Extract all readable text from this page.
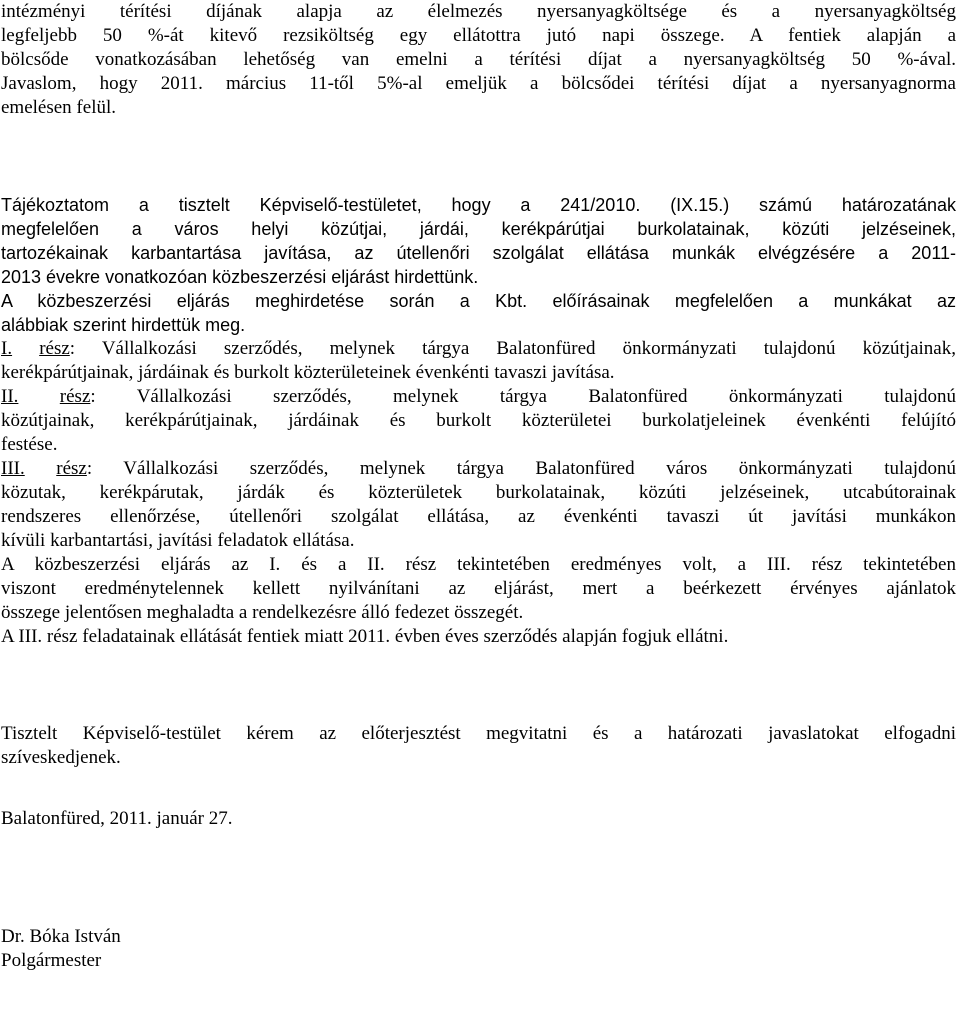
intézményi térítési díjának alapja az élelmezés nyersanyagköltsége és a nyersanyagköltség

legfeljebb 50 %-át kitevő rezsiköltség egy ellátottra jutó napi összege. A fentiek alapján a

bölcsőde vonatkozásában lehetőség van emelni a térítési díjat a nyersanyagköltség 50 %-ával.

Javaslom, hogy 2011. március 11-től 5%-al emeljük a bölcsődei térítési díjat a nyersanyagnorma

emelésen felül.

Tájékoztatom a tisztelt Képviselő-testületet, hogy a 241/2010. (IX.15.) számú határozatának

megfelelően a város helyi közútjai, járdái, kerékpárútjai burkolatainak, közúti jelzéseinek,

tartozékainak karbantartása javítása, az útellenőri szolgálat ellátása munkák elvégzésére a 2011-

2013 évekre vonatkozóan közbeszerzési eljárást hirdettünk.

A közbeszerzési eljárás meghirdetése során a Kbt. előírásainak megfelelően a munkákat az

alábbiak szerint hirdettük meg.

I. rész: Vállalkozási szerződés, melynek tárgya Balatonfüred önkormányzati tulajdonú közútjainak,

kerékpárútjainak, járdáinak és burkolt közterületeinek évenkénti tavaszi javítása.

II. rész: Vállalkozási szerződés, melynek tárgya Balatonfüred önkormányzati tulajdonú

közútjainak, kerékpárútjainak, járdáinak és burkolt közterületei burkolatjeleinek évenkénti felújító

festése.

III. rész: Vállalkozási szerződés, melynek tárgya Balatonfüred város önkormányzati tulajdonú

közutak, kerékpárutak, járdák és közterületek burkolatainak, közúti jelzéseinek, utcabútorainak

rendszeres ellenőrzése, útellenőri szolgálat ellátása, az évenkénti tavaszi út javítási munkákon

kívüli karbantartási, javítási feladatok ellátása.

A közbeszerzési eljárás az I. és a II. rész tekintetében eredményes volt, a III. rész tekintetében

viszont eredménytelennek kellett nyilvánítani az eljárást, mert a beérkezett érvényes ajánlatok

összege jelentősen meghaladta a rendelkezésre álló fedezet összegét.

A III. rész feladatainak ellátását fentiek miatt 2011. évben éves szerződés alapján fogjuk ellátni.

Tisztelt Képviselő-testület kérem az előterjesztést megvitatni és a határozati javaslatokat elfogadni

szíveskedjenek.

Balatonfüred, 2011. január 27.

Dr. Bóka István

Polgármester
